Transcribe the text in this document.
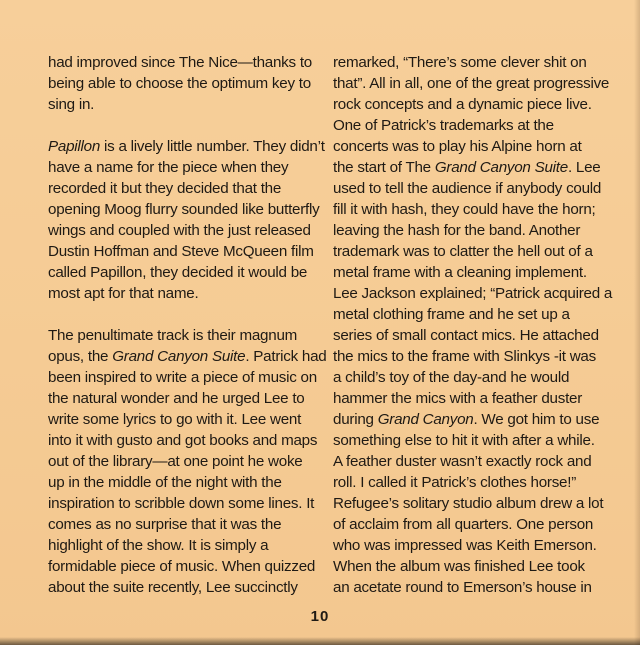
had improved since The Nice—thanks to
being able to choose the optimum key to
sing in.

Papillon is a lively little number. They didn’t
have a name for the piece when they
recorded it but they decided that the
opening Moog flurry sounded like butterfly
wings and coupled with the just released
Dustin Hoffman and Steve McQueen film
called Papillon, they decided it would be
most apt for that name.

The penultimate track is their magnum
opus, the Grand Canyon Suite. Patrick had
been inspired to write a piece of music on
the natural wonder and he urged Lee to
write some lyrics to go with it. Lee went
into it with gusto and got books and maps
out of the library—at one point he woke
up in the middle of the night with the
inspiration to scribble down some lines. It
comes as no surprise that it was the
highlight of the show. It is simply a
formidable piece of music. When quizzed
about the suite recently, Lee succinctly

remarked, “There’s some clever shit on
that”. All in all, one of the great progressive
rock concepts and a dynamic piece live.
One of Patrick’s trademarks at the
concerts was to play his Alpine horn at
the start of The Grand Canyon Suite. Lee
used to tell the audience if anybody could
fill it with hash, they could have the horn;
leaving the hash for the band. Another
trademark was to clatter the hell out of a
metal frame with a cleaning implement.
Lee Jackson explained; “Patrick acquired a
metal clothing frame and he set up a
series of small contact mics. He attached
the mics to the frame with Slinkys -it was
a child’s toy of the day-and he would
hammer the mics with a feather duster
during Grand Canyon. We got him to use
something else to hit it with after a while.
A feather duster wasn’t exactly rock and
roll. I called it Patrick’s clothes horse!”
Refugee’s solitary studio album drew a lot
of acclaim from all quarters. One person
who was impressed was Keith Emerson.
When the album was finished Lee took
an acetate round to Emerson’s house in

10
